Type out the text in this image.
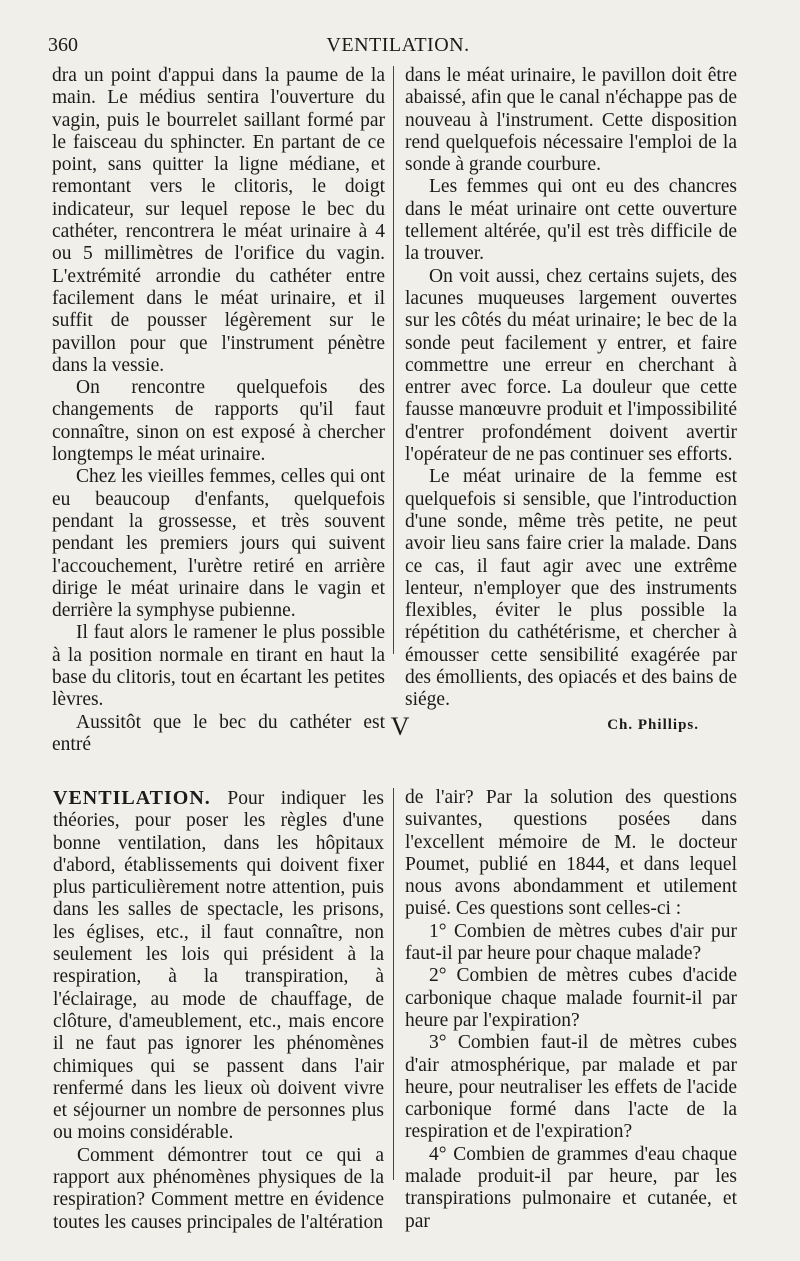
360	VENTILATION.

dra un point d'appui dans la paume de la main. Le médius sentira l'ouverture du vagin, puis le bourrelet saillant formé par le faisceau du sphincter. En partant de ce point, sans quitter la ligne médiane, et remontant vers le clitoris, le doigt indicateur, sur lequel repose le bec du cathéter, rencontrera le méat urinaire à 4 ou 5 millimètres de l'orifice du vagin. L'extrémité arrondie du cathéter entre facilement dans le méat urinaire, et il suffit de pousser légèrement sur le pavillon pour que l'instrument pénètre dans la vessie.

On rencontre quelquefois des changements de rapports qu'il faut connaître, sinon on est exposé à chercher longtemps le méat urinaire.

Chez les vieilles femmes, celles qui ont eu beaucoup d'enfants, quelquefois pendant la grossesse, et très souvent pendant les premiers jours qui suivent l'accouchement, l'urètre retiré en arrière dirige le méat urinaire dans le vagin et derrière la symphyse pubienne.

Il faut alors le ramener le plus possible à la position normale en tirant en haut la base du clitoris, tout en écartant les petites lèvres.

Aussitôt que le bec du cathéter est entré

dans le méat urinaire, le pavillon doit être abaissé, afin que le canal n'échappe pas de nouveau à l'instrument. Cette disposition rend quelquefois nécessaire l'emploi de la sonde à grande courbure.

Les femmes qui ont eu des chancres dans le méat urinaire ont cette ouverture tellement altérée, qu'il est très difficile de la trouver.

On voit aussi, chez certains sujets, des lacunes muqueuses largement ouvertes sur les côtés du méat urinaire; le bec de la sonde peut facilement y entrer, et faire commettre une erreur en cherchant à entrer avec force. La douleur que cette fausse manœuvre produit et l'impossibilité d'entrer profondément doivent avertir l'opérateur de ne pas continuer ses efforts.

Le méat urinaire de la femme est quelquefois si sensible, que l'introduction d'une sonde, même très petite, ne peut avoir lieu sans faire crier la malade. Dans ce cas, il faut agir avec une extrême lenteur, n'employer que des instruments flexibles, éviter le plus possible la répétition du cathétérisme, et chercher à émousser cette sensibilité exagérée par des émollients, des opiacés et des bains de siége.

Ch. Phillips.
V

VENTILATION. Pour indiquer les théories, pour poser les règles d'une bonne ventilation, dans les hôpitaux d'abord, établissements qui doivent fixer plus particulièrement notre attention, puis dans les salles de spectacle, les prisons, les églises, etc., il faut connaître, non seulement les lois qui président à la respiration, à la transpiration, à l'éclairage, au mode de chauffage, de clôture, d'ameublement, etc., mais encore il ne faut pas ignorer les phénomènes chimiques qui se passent dans l'air renfermé dans les lieux où doivent vivre et séjourner un nombre de personnes plus ou moins considérable.

Comment démontrer tout ce qui a rapport aux phénomènes physiques de la respiration? Comment mettre en évidence toutes les causes principales de l'altération

de l'air? Par la solution des questions suivantes, questions posées dans l'excellent mémoire de M. le docteur Poumet, publié en 1844, et dans lequel nous avons abondamment et utilement puisé. Ces questions sont celles-ci :

1° Combien de mètres cubes d'air pur faut-il par heure pour chaque malade?

2° Combien de mètres cubes d'acide carbonique chaque malade fournit-il par heure par l'expiration?

3° Combien faut-il de mètres cubes d'air atmosphérique, par malade et par heure, pour neutraliser les effets de l'acide carbonique formé dans l'acte de la respiration et de l'expiration?

4° Combien de grammes d'eau chaque malade produit-il par heure, par les transpirations pulmonaire et cutanée, et par
